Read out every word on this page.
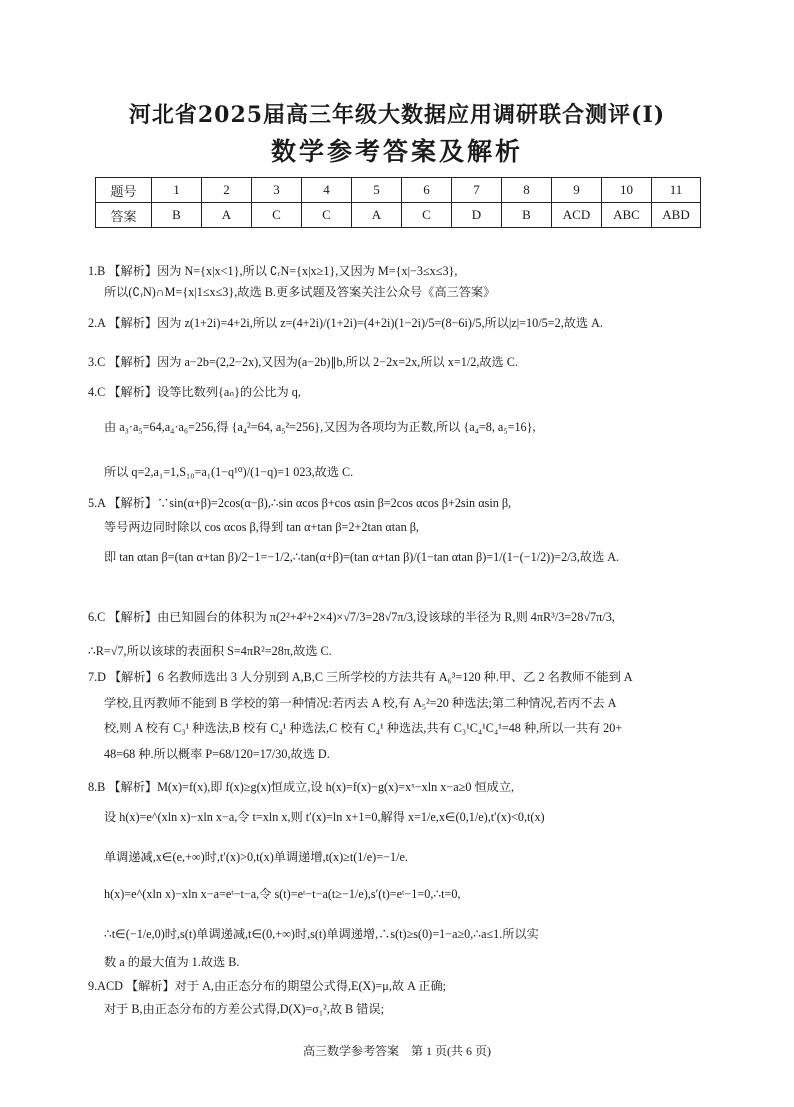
河北省2025届高三年级大数据应用调研联合测评(Ⅰ)
数学参考答案及解析
题号	1	2	3	4	5	6	7	8	9	10	11
答案	B	A	C	C	A	C	D	B	ACD	ABC	ABD
1.B 【解析】因为 N={x|x<1},所以 ∁ᵣN={x|x≥1},又因为 M={x|−3≤x≤3},
所以(∁ᵣN)∩M={x|1≤x≤3},故选 B.更多试题及答案关注公众号《高三答案》
2.A 【解析】因为 z(1+2i)=4+2i,所以 z=(4+2i)/(1+2i)=(4+2i)(1−2i)/5=(8−6i)/5,所以|z|=10/5=2,故选 A.
3.C 【解析】因为 a−2b=(2,2−2x),又因为(a−2b)∥b,所以 2−2x=2x,所以 x=1/2,故选 C.
4.C 【解析】设等比数列{aₙ}的公比为 q,
由 a₃·a₅=64,a₄·a₆=256,得 {a₄²=64, a₅²=256},又因为各项均为正数,所以 {a₄=8, a₅=16},
所以 q=2,a₁=1,S₁₀=a₁(1−q¹⁰)/(1−q)=1 023,故选 C.
5.A 【解析】∵sin(α+β)=2cos(α−β),∴sin αcos β+cos αsin β=2cos αcos β+2sin αsin β,
等号两边同时除以 cos αcos β,得到 tan α+tan β=2+2tan αtan β,
即 tan αtan β=(tan α+tan β)/2−1=−1/2,∴tan(α+β)=(tan α+tan β)/(1−tan αtan β)=1/(1−(−1/2))=2/3,故选 A.
6.C 【解析】由已知圆台的体积为 π(2²+4²+2×4)×√7/3=28√7π/3,设该球的半径为 R,则 4πR³/3=28√7π/3,
∴R=√7,所以该球的表面积 S=4πR²=28π,故选 C.
7.D 【解析】6 名教师选出 3 人分别到 A,B,C 三所学校的方法共有 A₆³=120 种.甲、乙 2 名教师不能到 A
学校,且丙教师不能到 B 学校的第一种情况:若丙去 A 校,有 A₅²=20 种选法;第二种情况,若丙不去 A
校,则 A 校有 C₃¹ 种选法,B 校有 C₄¹ 种选法,C 校有 C₄¹ 种选法,共有 C₃¹C₄¹C₄¹=48 种,所以一共有 20+
48=68 种.所以概率 P=68/120=17/30,故选 D.
8.B 【解析】M(x)=f(x),即 f(x)≥g(x)恒成立,设 h(x)=f(x)−g(x)=xˣ−xln x−a≥0 恒成立,
设 h(x)=e^(xln x)−xln x−a,令 t=xln x,则 t′(x)=ln x+1=0,解得 x=1/e,x∈(0,1/e),t′(x)<0,t(x)
单调递减,x∈(e,+∞)时,t′(x)>0,t(x)单调递增,t(x)≥t(1/e)=−1/e.
h(x)=e^(xln x)−xln x−a=eᵗ−t−a,令 s(t)=eᵗ−t−a(t≥−1/e),s′(t)=eᵗ−1=0,∴t=0,
∴t∈(−1/e,0)时,s(t)单调递减,t∈(0,+∞)时,s(t)单调递增,∴s(t)≥s(0)=1−a≥0,∴a≤1.所以实
数 a 的最大值为 1.故选 B.
9.ACD 【解析】对于 A,由正态分布的期望公式得,E(X)=μ,故 A 正确;
对于 B,由正态分布的方差公式得,D(X)=σ₁²,故 B 错误;
高三数学参考答案　第 1 页(共 6 页)
